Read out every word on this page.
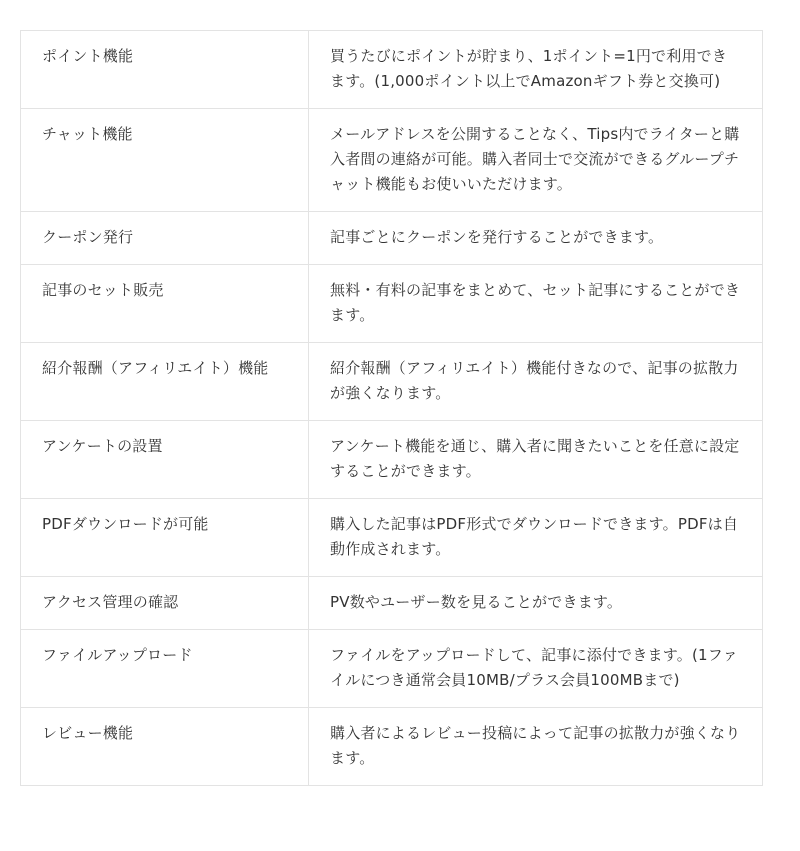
ポイント機能	買うたびにポイントが貯まり、1ポイント=1円で利用できます。(1,000ポイント以上でAmazonギフト券と交換可)
チャット機能	メールアドレスを公開することなく、Tips内でライターと購入者間の連絡が可能。購入者同士で交流ができるグループチャット機能もお使いいただけます。
クーポン発行	記事ごとにクーポンを発行することができます。
記事のセット販売	無料・有料の記事をまとめて、セット記事にすることができます。
紹介報酬（アフィリエイト）機能	紹介報酬（アフィリエイト）機能付きなので、記事の拡散力が強くなります。
アンケートの設置	アンケート機能を通じ、購入者に聞きたいことを任意に設定することができます。
PDFダウンロードが可能	購入した記事はPDF形式でダウンロードできます。PDFは自動作成されます。
アクセス管理の確認	PV数やユーザー数を見ることができます。
ファイルアップロード	ファイルをアップロードして、記事に添付できます。(1ファイルにつき通常会員10MB/プラス会員100MBまで)
レビュー機能	購入者によるレビュー投稿によって記事の拡散力が強くなります。
